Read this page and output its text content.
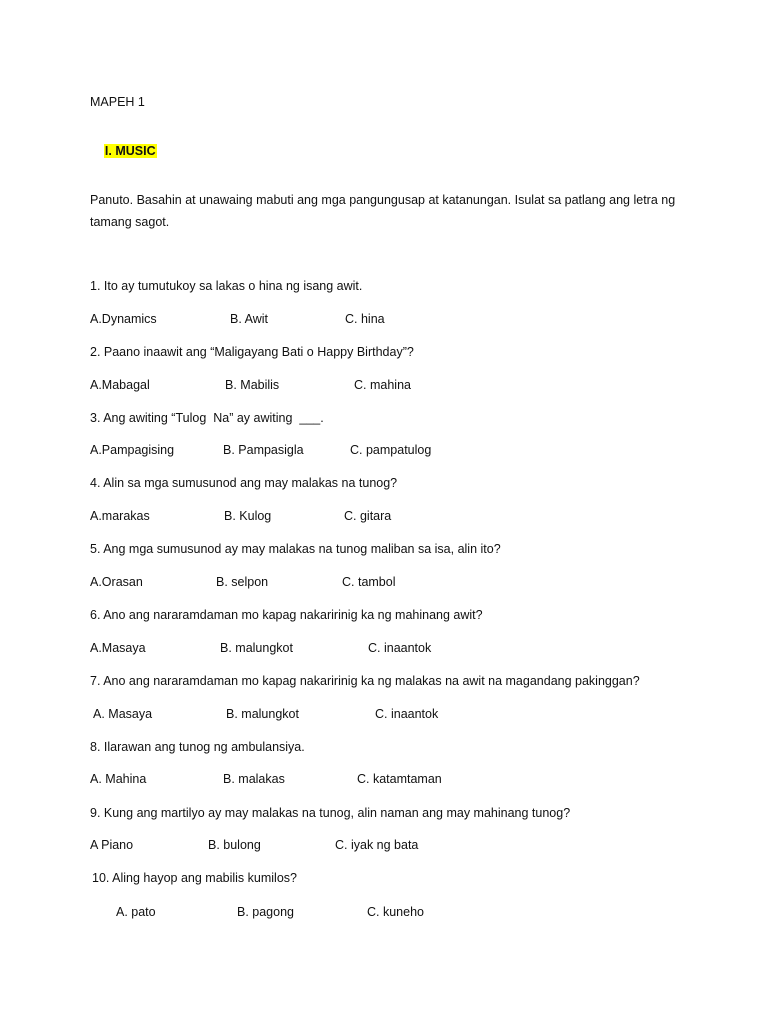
MAPEH 1

I. MUSIC

Panuto. Basahin at unawaing mabuti ang mga pangungusap at katanungan. Isulat sa patlang ang letra ng
tamang sagot.
1. Ito ay tumutukoy sa lakas o hina ng isang awit.

A.Dynamics

	B. Awit

	C. hina

2. Paano inaawit ang “Maligayang Bati o Happy Birthday”?

A.Mabagal

	B. Mabilis

	C. mahina

3. Ang awiting “Tulog  Na” ay awiting  ___.

A.Pampagising

	B. Pampasigla

	C. pampatulog

4. Alin sa mga sumusunod ang may malakas na tunog?

A.marakas

	B. Kulog

	C. gitara

5. Ang mga sumusunod ay may malakas na tunog maliban sa isa, alin ito?

A.Orasan

	B. selpon

	C. tambol

6. Ano ang nararamdaman mo kapag nakaririnig ka ng mahinang awit?

A.Masaya

	B. malungkot

	C. inaantok

7. Ano ang nararamdaman mo kapag nakaririnig ka ng malakas na awit na magandang pakinggan?

A. Masaya

	B. malungkot

	C. inaantok

8. Ilarawan ang tunog ng ambulansiya.

A. Mahina

	B. malakas

	C. katamtaman

9. Kung ang martilyo ay may malakas na tunog, alin naman ang may mahinang tunog?

A Piano

	B. bulong

	C. iyak ng bata

10. Aling hayop ang mabilis kumilos?

A. pato

	B. pagong

	C. kuneho
